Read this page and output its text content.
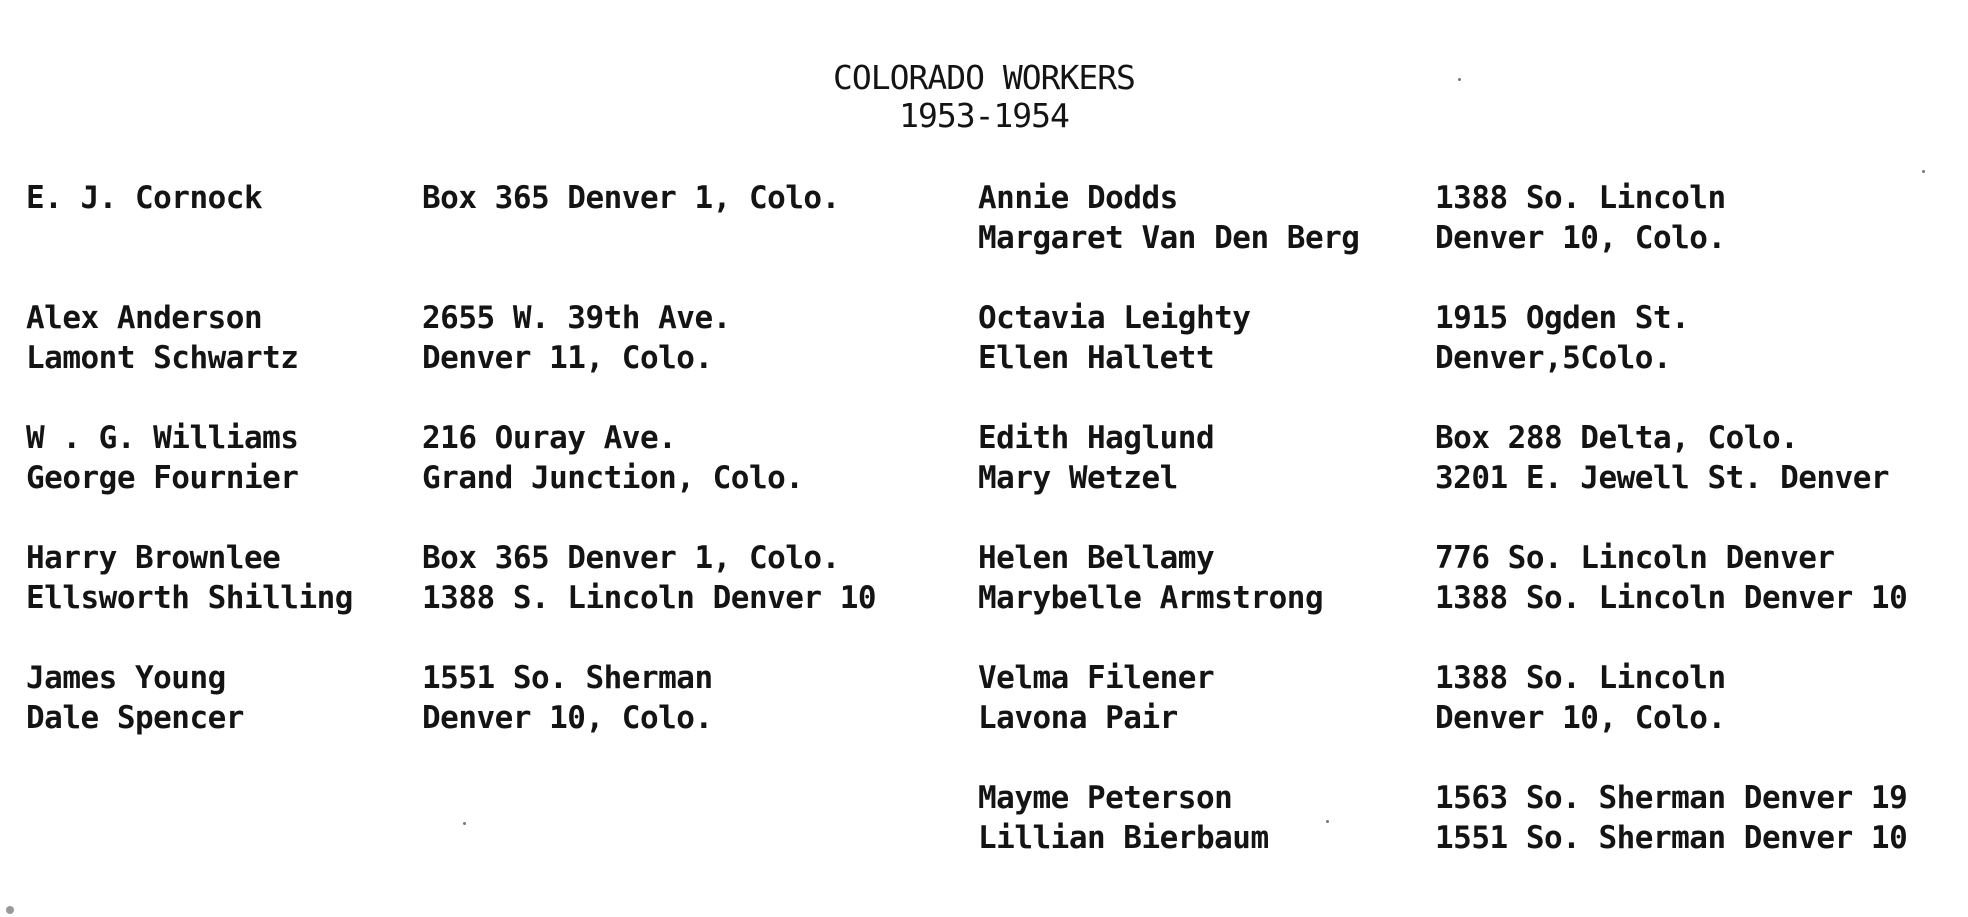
COLORADO WORKERS
1953-1954
E. J. Cornock
Alex Anderson
Lamont Schwartz
W . G. Williams
George Fournier
Harry Brownlee
Ellsworth Shilling
James Young
Dale Spencer
Box 365 Denver 1, Colo.
2655 W. 39th Ave.
Denver 11, Colo.
216 Ouray Ave.
Grand Junction, Colo.
Box 365 Denver 1, Colo.
1388 S. Lincoln Denver 10
1551 So. Sherman
Denver 10, Colo.
Annie Dodds
Margaret Van Den Berg
Octavia Leighty
Ellen Hallett
Edith Haglund
Mary Wetzel
Helen Bellamy
Marybelle Armstrong
Velma Filener
Lavona Pair
Mayme Peterson
Lillian Bierbaum
1388 So. Lincoln
Denver 10, Colo.
1915 Ogden St.
Denver,5Colo.
Box 288 Delta, Colo.
3201 E. Jewell St. Denver
776 So. Lincoln Denver
1388 So. Lincoln Denver 10
1388 So. Lincoln
Denver 10, Colo.
1563 So. Sherman Denver 19
1551 So. Sherman Denver 10
